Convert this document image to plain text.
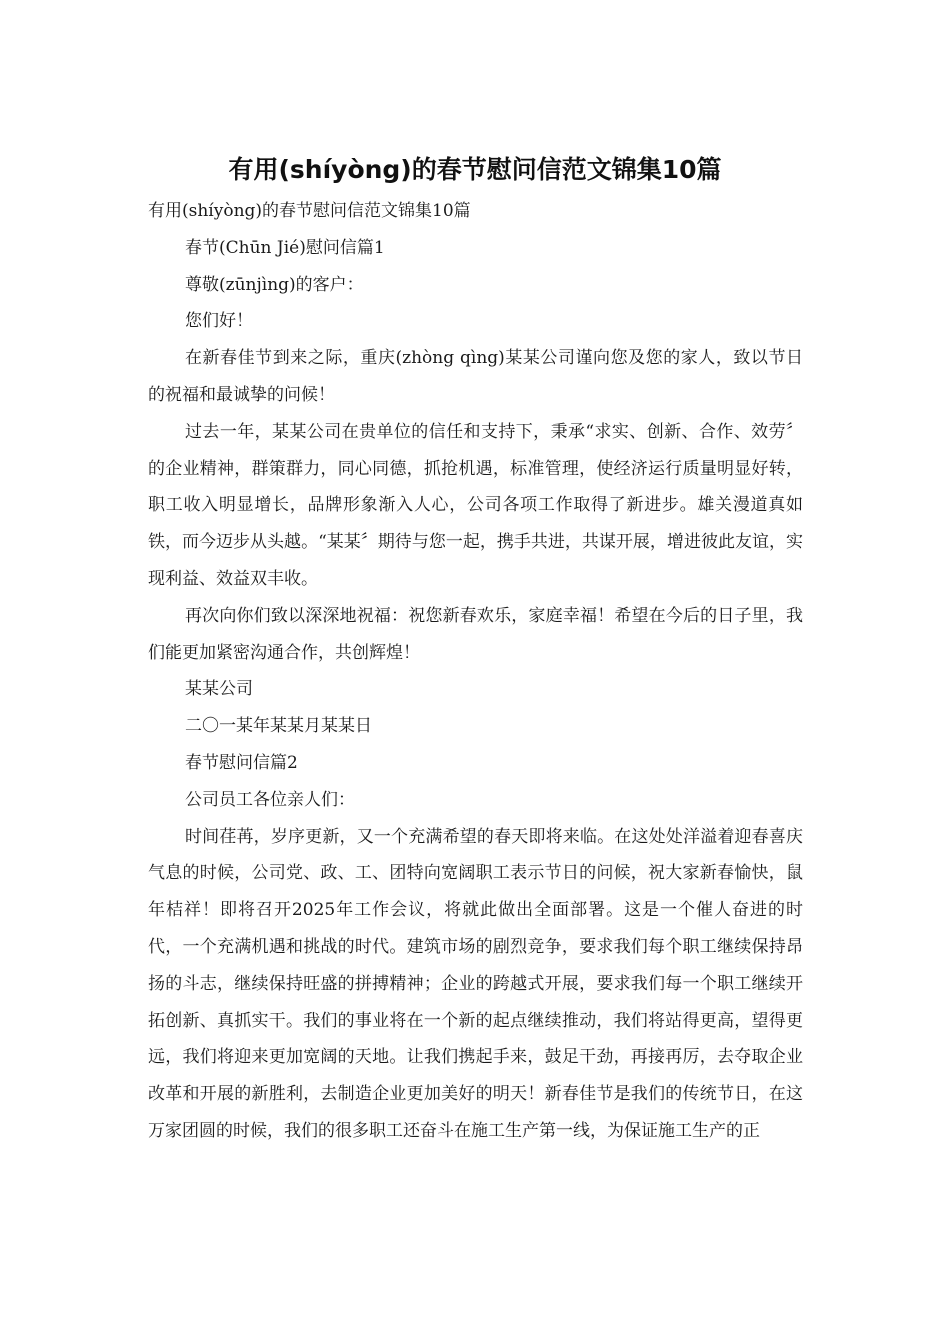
有用(shíyòng)的春节慰问信范文锦集10篇

有用(shíyòng)的春节慰问信范文锦集10篇

春节(Chūn Jié)慰问信篇1

尊敬(zūnjìng)的客户：

您们好！

在新春佳节到来之际，重庆(zhòng qìng)某某公司谨向您及您的家人，致以节日的祝福和最诚挚的问候！

过去一年，某某公司在贵单位的信任和支持下，秉承“求实、创新、合作、效劳〞的企业精神，群策群力，同心同德，抓抢机遇，标准管理，使经济运行质量明显好转，职工收入明显增长，品牌形象渐入人心，公司各项工作取得了新进步。雄关漫道真如铁，而今迈步从头越。“某某〞期待与您一起，携手共进，共谋开展，增进彼此友谊，实现利益、效益双丰收。

再次向你们致以深深地祝福：祝您新春欢乐，家庭幸福！希望在今后的日子里，我们能更加紧密沟通合作，共创辉煌！

某某公司

二〇一某年某某月某某日

春节慰问信篇2

公司员工各位亲人们：

时间荏苒，岁序更新，又一个充满希望的春天即将来临。在这处处洋溢着迎春喜庆气息的时候，公司党、政、工、团特向宽阔职工表示节日的问候，祝大家新春愉快，鼠年桔祥！即将召开2025年工作会议，将就此做出全面部署。这是一个催人奋进的时代，一个充满机遇和挑战的时代。建筑市场的剧烈竞争，要求我们每个职工继续保持昂扬的斗志，继续保持旺盛的拼搏精神；企业的跨越式开展，要求我们每一个职工继续开拓创新、真抓实干。我们的事业将在一个新的起点继续推动，我们将站得更高，望得更远，我们将迎来更加宽阔的天地。让我们携起手来，鼓足干劲，再接再厉，去夺取企业改革和开展的新胜利，去制造企业更加美好的明天！新春佳节是我们的传统节日，在这万家团圆的时候，我们的很多职工还奋斗在施工生产第一线，为保证施工生产的正
